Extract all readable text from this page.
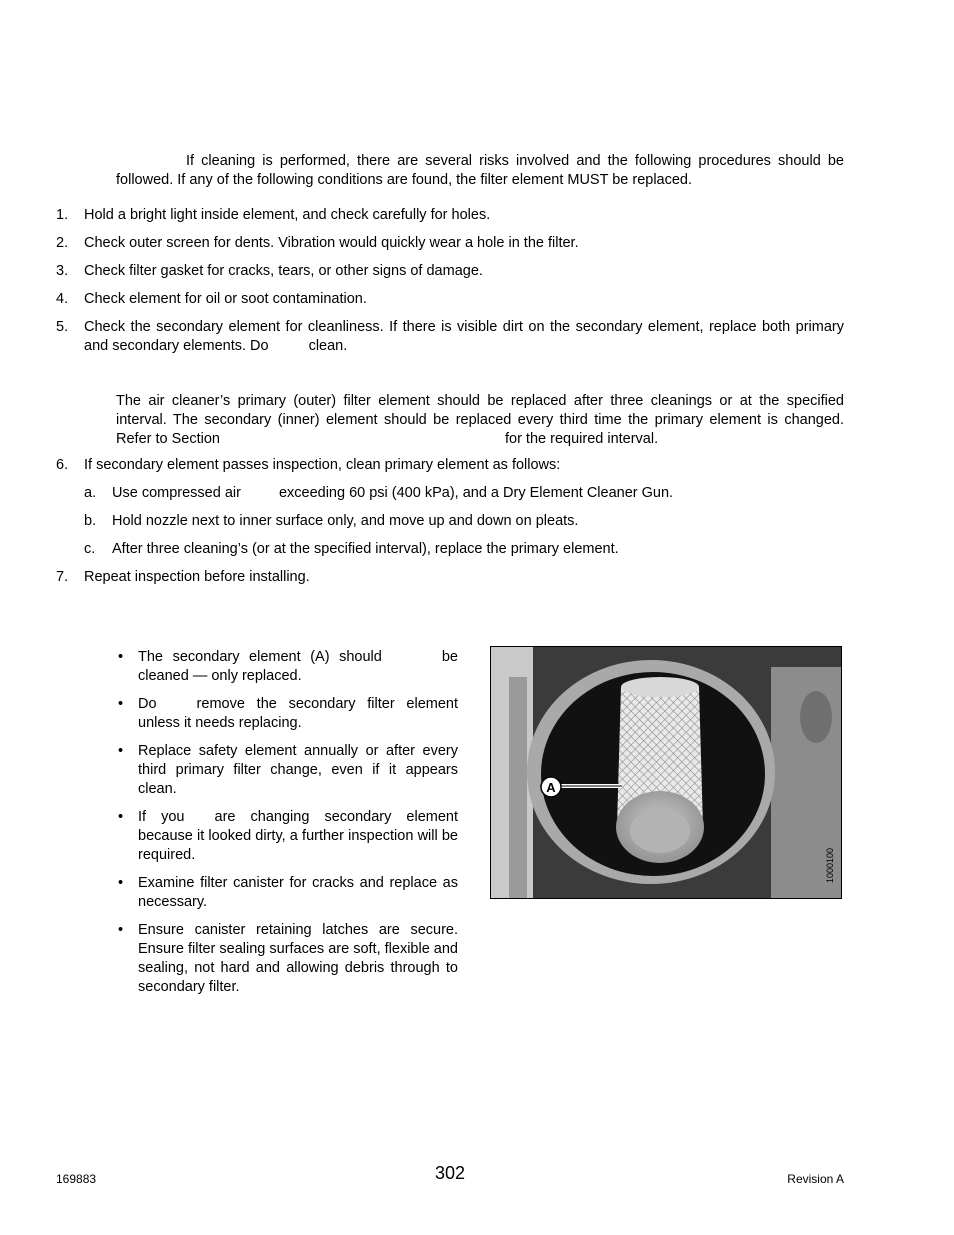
If cleaning is performed, there are several risks involved and the following procedures should be followed. If any of the following conditions are found, the filter element MUST be replaced.
1.	Hold a bright light inside element, and check carefully for holes.
2.	Check outer screen for dents. Vibration would quickly wear a hole in the filter.
3.	Check filter gasket for cracks, tears, or other signs of damage.
4.	Check element for oil or soot contamination.
5.	Check the secondary element for cleanliness. If there is visible dirt on the secondary element, replace both primary and secondary elements. Do	clean.
The air cleaner’s primary (outer) filter element should be replaced after three cleanings or at the specified interval. The secondary (inner) element should be replaced every third time the primary element is changed. Refer to Section	for the required interval.
6.	If secondary element passes inspection, clean primary element as follows:
a.	Use compressed air	exceeding 60 psi (400 kPa), and a Dry Element Cleaner Gun.
b.	Hold nozzle next to inner surface only, and move up and down on pleats.
c.	After three cleaning’s (or at the specified interval), replace the primary element.
7.	Repeat inspection before installing.
• The secondary element (A) should	be cleaned — only replaced.
• Do	remove the secondary filter element unless it needs replacing.
• Replace safety element annually or after every third primary filter change, even if it appears clean.
• If you are changing secondary element because it looked dirty, a further inspection will be required.
• Examine filter canister for cracks and replace as necessary.
• Ensure canister retaining latches are secure. Ensure filter sealing surfaces are soft, flexible and sealing, not hard and allowing debris through to secondary filter.
A
1000100
169883	302	Revision A
